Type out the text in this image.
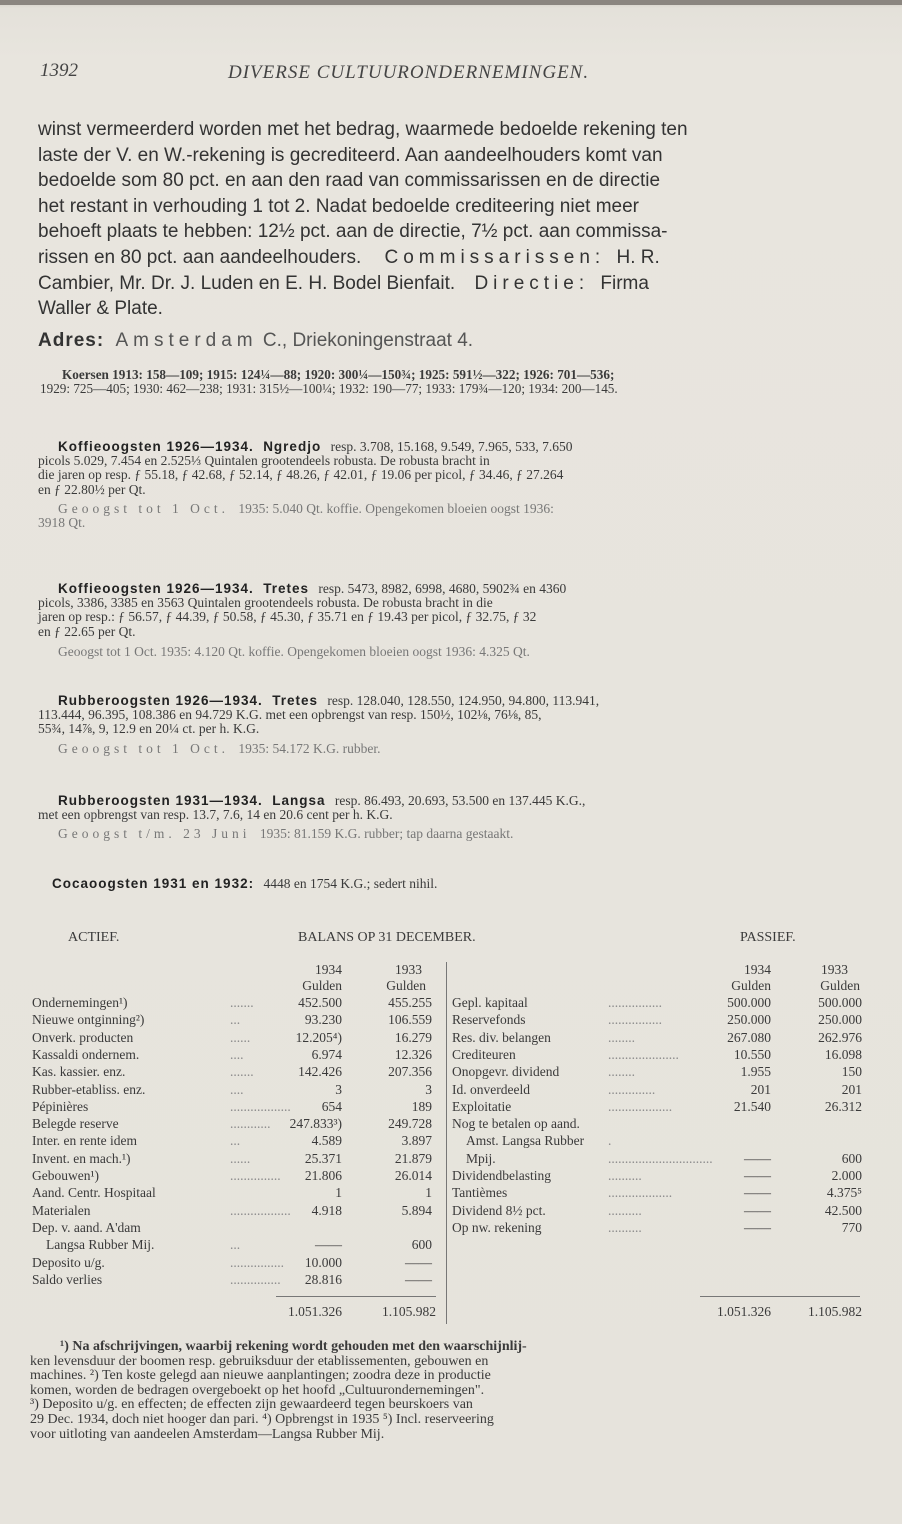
1392	DIVERSE CULTUURONDERNEMINGEN.
winst vermeerderd worden met het bedrag, waarmede bedoelde rekening ten
laste der V. en W.-rekening is gecrediteerd. Aan aandeelhouders komt van
bedoelde som 80 pct. en aan den raad van commissarissen en de directie
het restant in verhouding 1 tot 2. Nadat bedoelde crediteering niet meer
behoeft plaats te hebben: 12½ pct. aan de directie, 7½ pct. aan commissa-
rissen en 80 pct. aan aandeelhouders. Commissarissen: H. R.
Cambier, Mr. Dr. J. Luden en E. H. Bodel Bienfait. Directie: Firma
Waller & Plate.
Adres: Amsterdam C., Driekoningenstraat 4.
Koersen 1913: 158—109; 1915: 124¼—88; 1920: 300¼—150¾; 1925: 591½—322; 1926: 701—536;
1929: 725—405; 1930: 462—238; 1931: 315½—100¼; 1932: 190—77; 1933: 179¾—120; 1934: 200—145.
Koffieoogsten 1926—1934. Ngredjo resp. 3.708, 15.168, 9.549, 7.965, 533, 7.650
picols 5.029, 7.454 en 2.525⅓ Quintalen grootendeels robusta. De robusta bracht in
die jaren op resp. ƒ 55.18, ƒ 42.68, ƒ 52.14, ƒ 48.26, ƒ 42.01, ƒ 19.06 per picol, ƒ 34.46, ƒ 27.264
en ƒ 22.80½ per Qt.
Geoogst tot 1 Oct. 1935: 5.040 Qt. koffie. Opengekomen bloeien oogst 1936:
3918 Qt.
Koffieoogsten 1926—1934. Tretes resp. 5473, 8982, 6998, 4680, 5902¾ en 4360
picols, 3386, 3385 en 3563 Quintalen grootendeels robusta. De robusta bracht in die
jaren op resp.: ƒ 56.57, ƒ 44.39, ƒ 50.58, ƒ 45.30, ƒ 35.71 en ƒ 19.43 per picol, ƒ 32.75, ƒ 32
en ƒ 22.65 per Qt.
Geoogst tot 1 Oct. 1935: 4.120 Qt. koffie. Opengekomen bloeien oogst 1936: 4.325 Qt.
Rubberoogsten 1926—1934. Tretes resp. 128.040, 128.550, 124.950, 94.800, 113.941,
113.444, 96.395, 108.386 en 94.729 K.G. met een opbrengst van resp. 150½, 102⅛, 76⅛, 85,
55¾, 14⅞, 9, 12.9 en 20¼ ct. per h. K.G.
Geoogst tot 1 Oct. 1935: 54.172 K.G. rubber.
Rubberoogsten 1931—1934. Langsa resp. 86.493, 20.693, 53.500 en 137.445 K.G.,
met een opbrengst van resp. 13.7, 7.6, 14 en 20.6 cent per h. K.G.
Geoogst t/m. 23 Juni 1935: 81.159 K.G. rubber; tap daarna gestaakt.
Cocaoogsten 1931 en 1932: 4448 en 1754 K.G.; sedert nihil.
ACTIEF.	BALANS OP 31 DECEMBER.	PASSIEF.
1934	1933
Gulden	Gulden
1934	1933
Gulden	Gulden
Ondernemingen¹)	.......	452.500	455.255
Nieuwe ontginning²)	...	93.230	106.559
Onverk. producten	......	12.205⁴)	16.279
Kassaldi ondernem.	....	6.974	12.326
Kas. kassier. enz.	.......	142.426	207.356
Rubber-etabliss. enz.	....	3	3
Pépinières	..................	654	189
Belegde reserve	............	247.833³)	249.728
Inter. en rente idem	...	4.589	3.897
Invent. en mach.¹)	......	25.371	21.879
Gebouwen¹)	...............	21.806	26.014
Aand. Centr. Hospitaal	1	1
Materialen	..................	4.918	5.894
Dep. v. aand. A'dam
Langsa Rubber Mij.	...	——	600
Deposito u/g.	................	10.000	——
Saldo verlies	...............	28.816	——
Gepl. kapitaal	................	500.000	500.000
Reservefonds	................	250.000	250.000
Res. div. belangen	........	267.080	262.976
Crediteuren	.....................	10.550	16.098
Onopgevr. dividend	........	1.955	150
Id. onverdeeld	..............	201	201
Exploitatie	...................	21.540	26.312
Nog te betalen op aand.
Amst. Langsa Rubber .
Mpij.	...............................	——	600
Dividendbelasting	..........	——	2.000
Tantièmes	...................	——	4.375⁵
Dividend 8½ pct.	..........	——	42.500
Op nw. rekening	..........	——	770
1.051.326	1.105.982	1.051.326	1.105.982
¹) Na afschrijvingen, waarbij rekening wordt gehouden met den waarschijnlij-
ken levensduur der boomen resp. gebruiksduur der etablissementen, gebouwen en
machines. ²) Ten koste gelegd aan nieuwe aanplantingen; zoodra deze in productie
komen, worden de bedragen overgeboekt op het hoofd „Cultuurondernemingen".
³) Deposito u/g. en effecten; de effecten zijn gewaardeerd tegen beurskoers van
29 Dec. 1934, doch niet hooger dan pari. ⁴) Opbrengst in 1935 ⁵) Incl. reserveering
voor uitloting van aandeelen Amsterdam—Langsa Rubber Mij.
